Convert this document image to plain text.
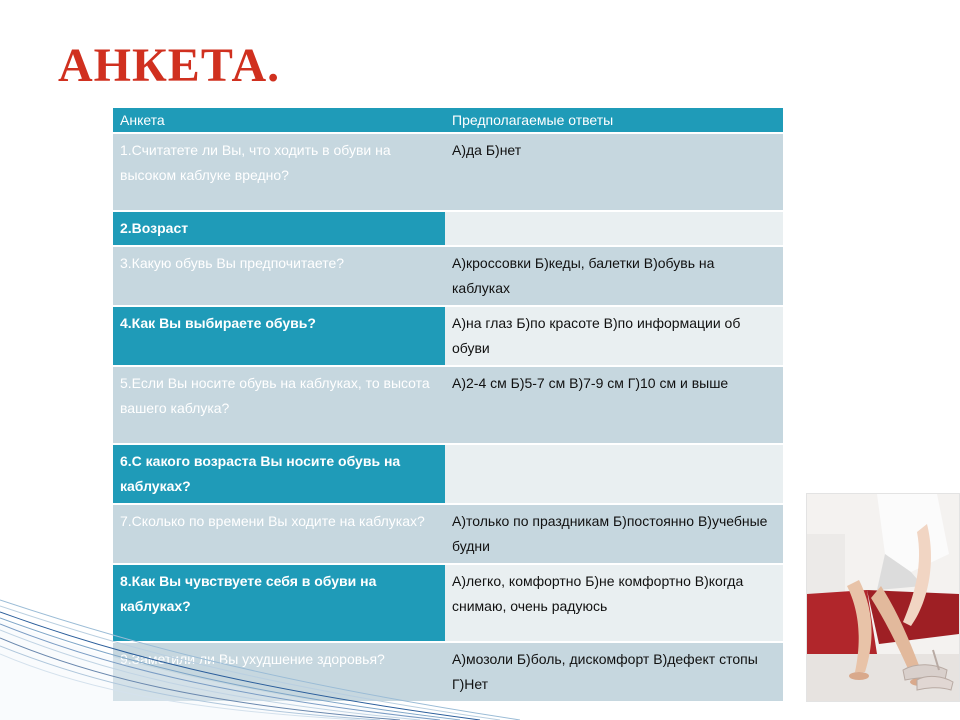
АНКЕТА.
Анкета	Предполагаемые ответы
1.Считатете ли Вы, что ходить в обуви на высоком каблуке вредно?	А)да Б)нет
2.Возраст	
3.Какую обувь Вы предпочитаете?	А)кроссовки Б)кеды, балетки В)обувь на каблуках
4.Как Вы выбираете обувь?	А)на глаз Б)по красоте В)по информации об обуви
5.Если Вы носите обувь на каблуках, то высота вашего каблука?	А)2-4 см Б)5-7 см В)7-9 см Г)10 см и выше
6.С какого возраста Вы носите обувь на каблуках?	
7.Сколько по времени Вы ходите на каблуках?	А)только по праздникам Б)постоянно В)учебные будни
8.Как Вы чувствуете себя в обуви на каблуках?	А)легко, комфортно Б)не комфортно В)когда снимаю, очень радуюсь
9.Заметили ли Вы ухудшение здоровья?	А)мозоли Б)боль, дискомфорт В)дефект стопы Г)Нет
